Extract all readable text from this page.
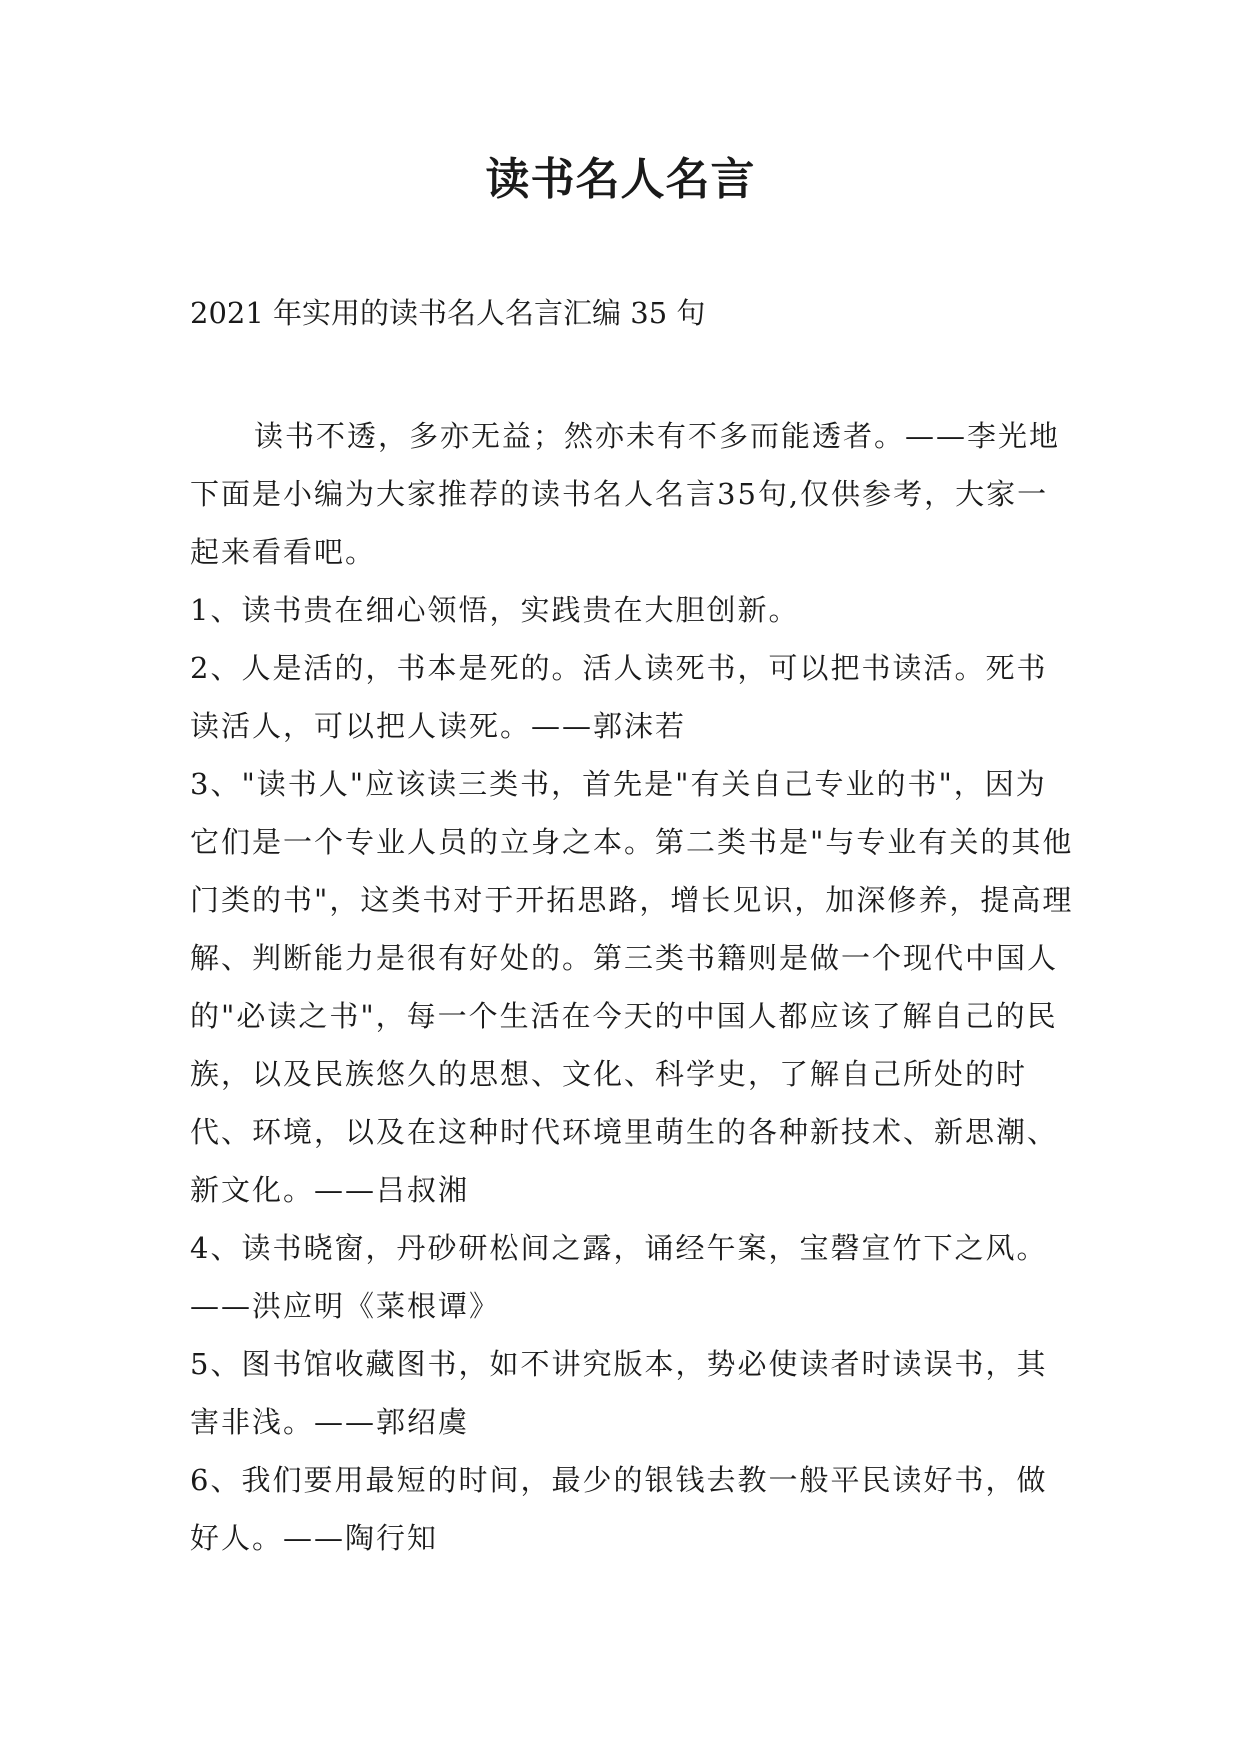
读书名人名言
2021 年实用的读书名人名言汇编 35 句

读书不透，多亦无益；然亦未有不多而能透者。——李光地下面是小编为大家推荐的读书名人名言35句,仅供参考，大家一起来看看吧。

1、读书贵在细心领悟，实践贵在大胆创新。

2、人是活的，书本是死的。活人读死书，可以把书读活。死书读活人，可以把人读死。——郭沫若

3、"读书人"应该读三类书，首先是"有关自己专业的书"，因为它们是一个专业人员的立身之本。第二类书是"与专业有关的其他门类的书"，这类书对于开拓思路，增长见识，加深修养，提高理解、判断能力是很有好处的。第三类书籍则是做一个现代中国人的"必读之书"，每一个生活在今天的中国人都应该了解自己的民族，以及民族悠久的思想、文化、科学史，了解自己所处的时代、环境，以及在这种时代环境里萌生的各种新技术、新思潮、新文化。——吕叔湘

4、读书晓窗，丹砂研松间之露，诵经午案，宝磬宣竹下之风。——洪应明《菜根谭》

5、图书馆收藏图书，如不讲究版本，势必使读者时读误书，其害非浅。——郭绍虞

6、我们要用最短的时间，最少的银钱去教一般平民读好书，做好人。——陶行知
